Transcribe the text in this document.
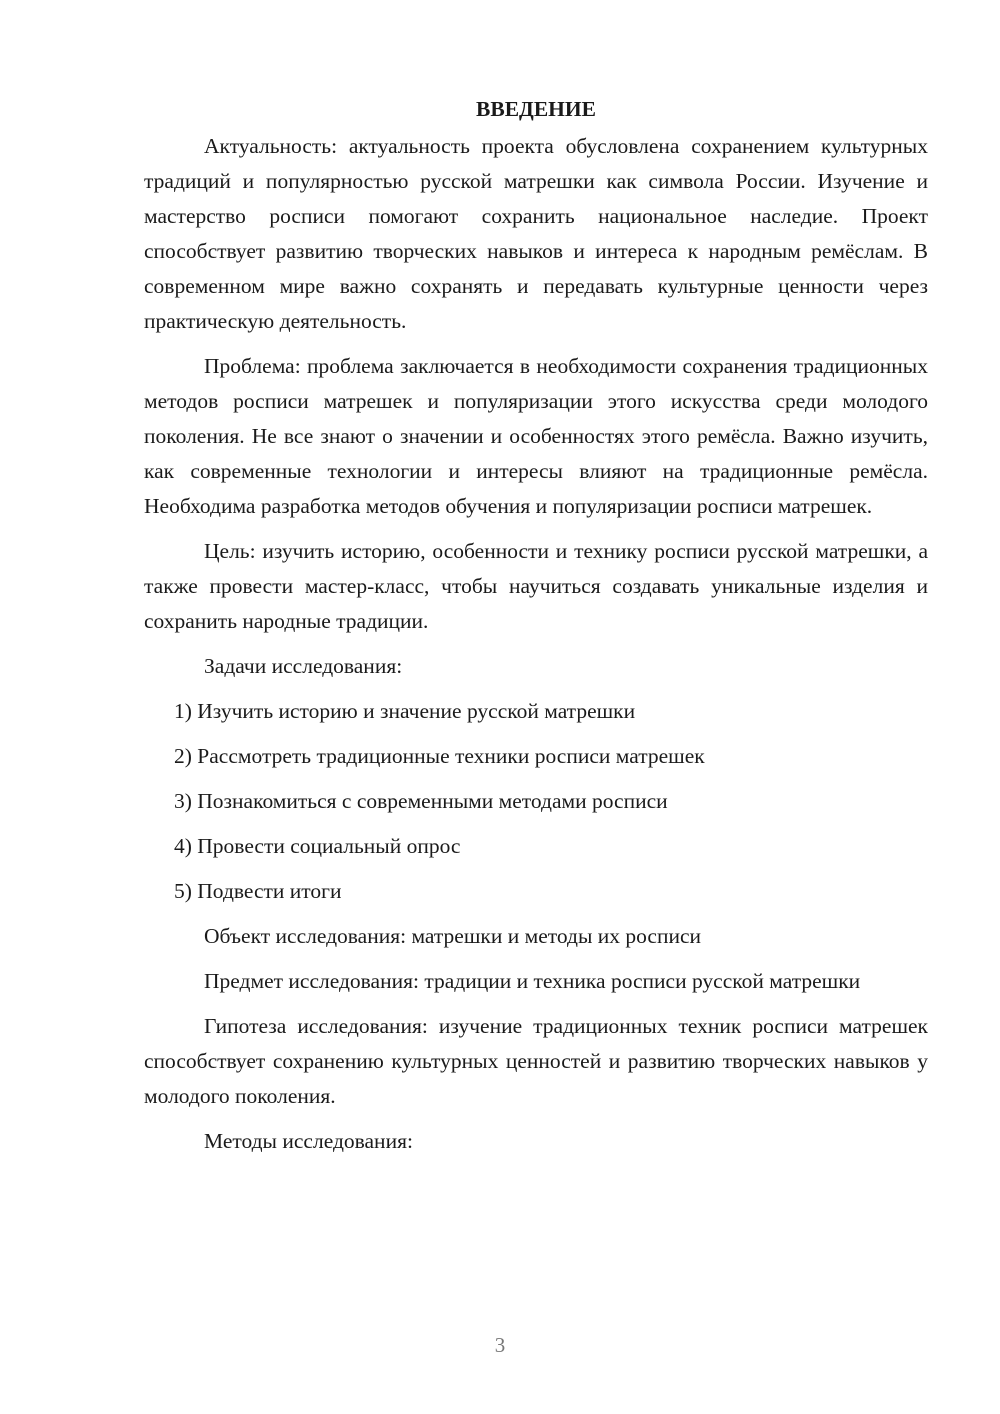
ВВЕДЕНИЕ

Актуальность: актуальность проекта обусловлена сохранением культурных традиций и популярностью русской матрешки как символа России. Изучение и мастерство росписи помогают сохранить национальное наследие. Проект способствует развитию творческих навыков и интереса к народным ремёслам. В современном мире важно сохранять и передавать культурные ценности через практическую деятельность.

Проблема: проблема заключается в необходимости сохранения традиционных методов росписи матрешек и популяризации этого искусства среди молодого поколения. Не все знают о значении и особенностях этого ремёсла. Важно изучить, как современные технологии и интересы влияют на традиционные ремёсла. Необходима разработка методов обучения и популяризации росписи матрешек.

Цель: изучить историю, особенности и технику росписи русской матрешки, а также провести мастер-класс, чтобы научиться создавать уникальные изделия и сохранить народные традиции.

Задачи исследования:

1) Изучить историю и значение русской матрешки

2) Рассмотреть традиционные техники росписи матрешек

3) Познакомиться с современными методами росписи

4) Провести социальный опрос

5) Подвести итоги

Объект исследования: матрешки и методы их росписи

Предмет исследования: традиции и техника росписи русской матрешки

Гипотеза исследования: изучение традиционных техник росписи матрешек способствует сохранению культурных ценностей и развитию творческих навыков у молодого поколения.

Методы исследования:

3
